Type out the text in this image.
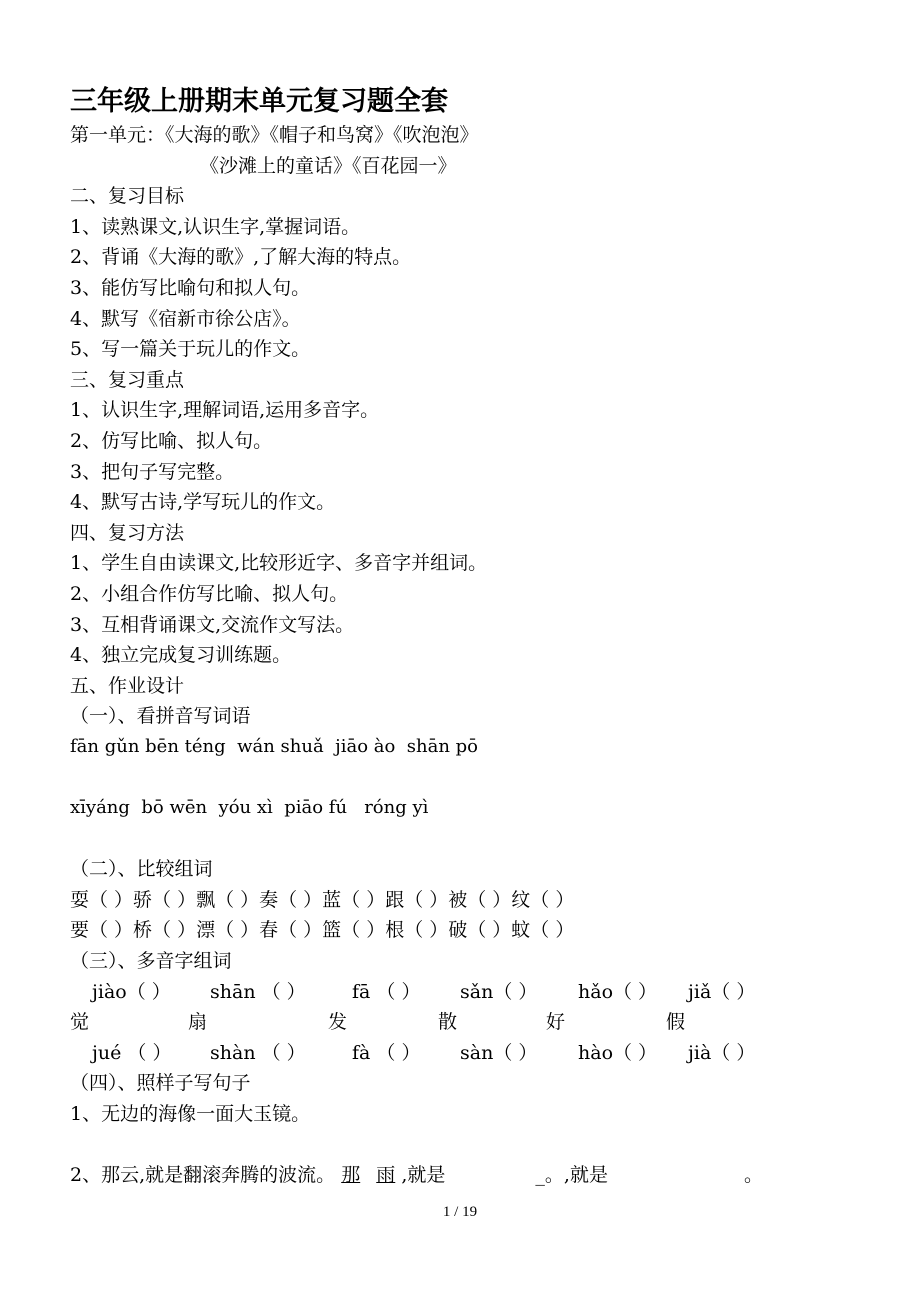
三年级上册期末单元复习题全套
第一单元：《大海的歌》《帽子和鸟窝》《吹泡泡》
《沙滩上的童话》《百花园一》
二、复习目标
1、读熟课文,认识生字,掌握词语。
2、背诵《大海的歌》,了解大海的特点。
3、能仿写比喻句和拟人句。
4、默写《宿新市徐公店》。
5、写一篇关于玩儿的作文。
三、复习重点
1、认识生字,理解词语,运用多音字。
2、仿写比喻、拟人句。
3、把句子写完整。
4、默写古诗,学写玩儿的作文。
四、复习方法
1、学生自由读课文,比较形近字、多音字并组词。
2、小组合作仿写比喻、拟人句。
3、互相背诵课文,交流作文写法。
4、独立完成复习训练题。
五、作业设计
（一）、看拼音写词语
fān gǔn bēn téng  wán shuǎ  jiāo ào  shān pō
xīyáng  bō wēn  yóu xì  piāo fú   róng yì
（二）、比较组词
耍（ ）骄（ ）飘（ ）奏（ ）蓝（ ）跟（ ）被（ ）纹（ ）
要（ ）桥（ ）漂（ ）春（ ）篮（ ）根（ ）破（ ）蚊（ ）
（三）、多音字组词
jiào（ ） shān （ ） fā （ ） sǎn（ ） hǎo（ ） jiǎ（ ）
觉	扇	发	散	好	假
jué （ ） shàn （ ） fà （ ） sàn（ ） hào（ ） jià（ ）
（四）、照样子写句子
1、无边的海像一面大玉镜。
2、那云,就是翻滚奔腾的波流。 那 雨 ,就是	_。,就是	。
1 / 19
